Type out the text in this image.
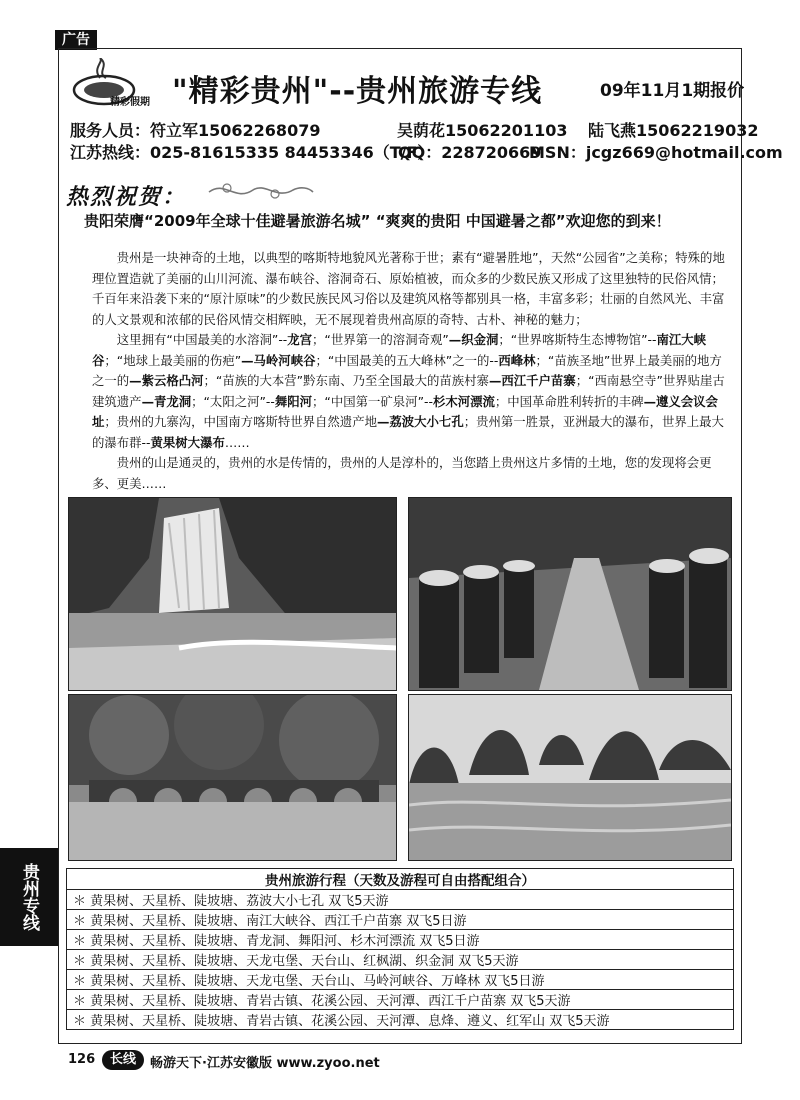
广告
精彩假期 "精彩贵州"--贵州旅游专线	09年11月1期报价
服务人员： 符立军15062268079	吴荫花15062201103 陆飞燕15062219032
江苏热线：025-81615335 84453346（T/F）
QQ：228720669
MSN：jcgz669@hotmail.com
热烈祝贺：
贵阳荣膺“2009年全球十佳避暑旅游名城” “爽爽的贵阳 中国避暑之都”欢迎您的到来！

贵州是一块神奇的土地，以典型的喀斯特地貌风光著称于世；素有“避暑胜地”，天然“公园省”之美称；特殊的地理位置造就了美丽的山川河流、瀑布峡谷、溶洞奇石、原始植被，而众多的少数民族又形成了这里独特的民俗风情；千百年来沿袭下来的“原汁原味”的少数民族民风习俗以及建筑风格等都别具一格，丰富多彩；壮丽的自然风光、丰富的人文景观和浓郁的民俗风情交相辉映，无不展现着贵州高原的奇特、古朴、神秘的魅力；

这里拥有“中国最美的水溶洞”--龙宫；“世界第一的溶洞奇观”—织金洞；“世界喀斯特生态博物馆”--南江大峡谷；“地球上最美丽的伤疤”—马岭河峡谷；“中国最美的五大峰林”之一的--西峰林；“苗族圣地”世界上最美丽的地方之一的—紫云格凸河；“苗族的大本营”黔东南、乃至全国最大的苗族村寨—西江千户苗寨；“西南悬空寺”世界贴崖古建筑遗产—青龙洞；“太阳之河”--舞阳河；“中国第一矿泉河”--杉木河漂流；中国革命胜利转折的丰碑—遵义会议会址；贵州的九寨沟，中国南方喀斯特世界自然遗产地—荔波大小七孔；贵州第一胜景，亚洲最大的瀑布，世界上最大的瀑布群--黄果树大瀑布……

贵州的山是通灵的，贵州的水是传情的，贵州的人是淳朴的，当您踏上贵州这片多情的土地，您的发现将会更多、更美……

贵州专线	贵州旅游行程（天数及游程可自由搭配组合）
＊ 黄果树、天星桥、陡坡塘、荔波大小七孔 双飞5天游
＊ 黄果树、天星桥、陡坡塘、南江大峡谷、西江千户苗寨 双飞5日游
＊ 黄果树、天星桥、陡坡塘、青龙洞、舞阳河、杉木河漂流 双飞5日游
＊ 黄果树、天星桥、陡坡塘、天龙屯堡、天台山、红枫湖、织金洞 双飞5天游
＊ 黄果树、天星桥、陡坡塘、天龙屯堡、天台山、马岭河峡谷、万峰林 双飞5日游
＊ 黄果树、天星桥、陡坡塘、青岩古镇、花溪公园、天河潭、西江千户苗寨 双飞5天游
＊ 黄果树、天星桥、陡坡塘、青岩古镇、花溪公园、天河潭、息烽、遵义、红军山 双飞5天游
126	长线	畅游天下·江苏安徽版 www.zyoo.net
